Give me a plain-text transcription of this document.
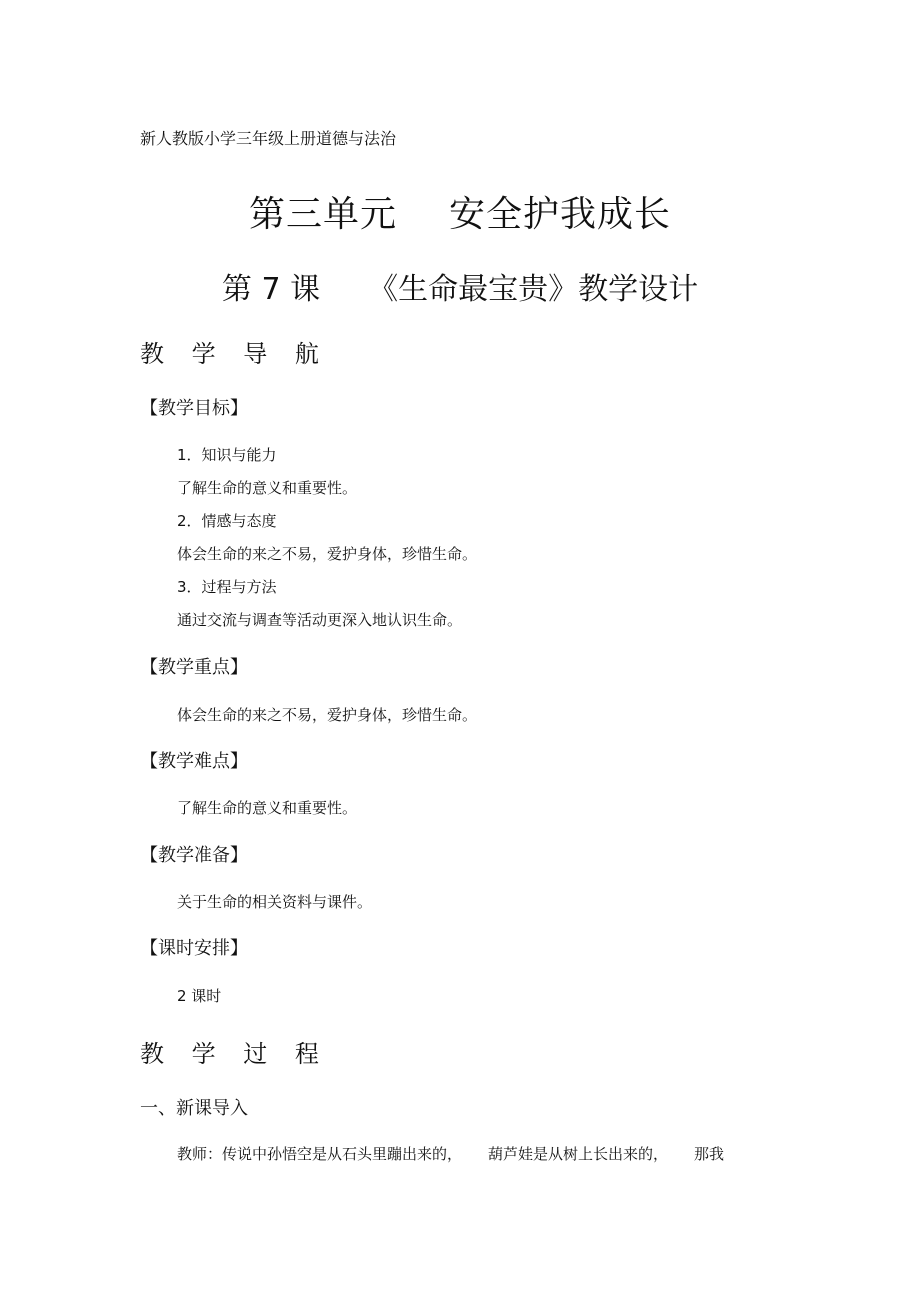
新人教版小学三年级上册道德与法治
第三单元 安全护我成长
第 7 课 《生命最宝贵》教学设计
教 学 导 航
【教学目标】
1．知识与能力
了解生命的意义和重要性。
2．情感与态度
体会生命的来之不易，爱护身体，珍惜生命。
3．过程与方法
通过交流与调查等活动更深入地认识生命。
【教学重点】
体会生命的来之不易，爱护身体，珍惜生命。
【教学难点】
了解生命的意义和重要性。
【教学准备】
关于生命的相关资料与课件。
【课时安排】
2 课时
教 学 过 程
一、新课导入
教师：传说中孙悟空是从石头里蹦出来的， 葫芦娃是从树上长出来的， 那我
